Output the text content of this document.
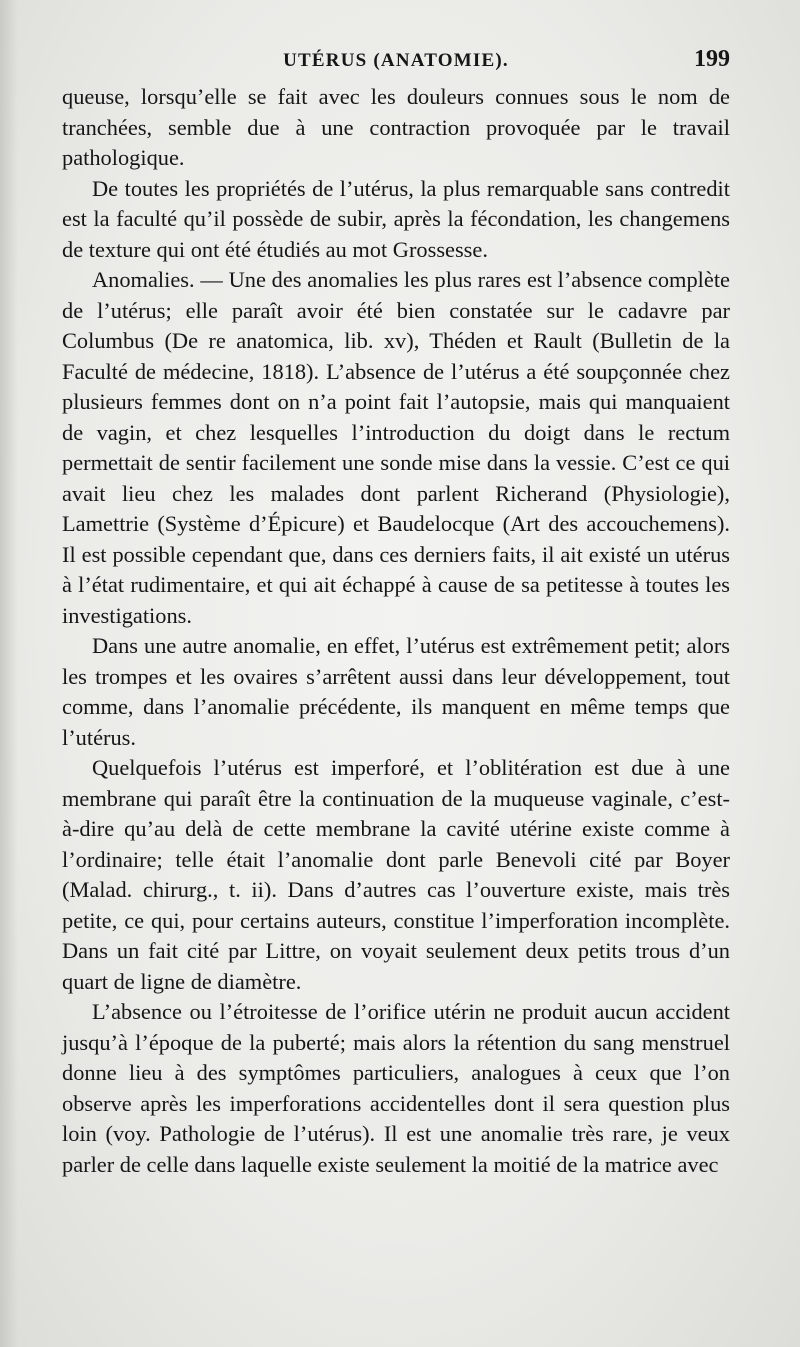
UTÉRUS (ANATOMIE).	199

queuse, lorsqu’elle se fait avec les douleurs connues sous le nom de tranchées, semble due à une contraction provoquée par le travail pathologique.

De toutes les propriétés de l’utérus, la plus remarquable sans contredit est la faculté qu’il possède de subir, après la fécondation, les changemens de texture qui ont été étudiés au mot Grossesse.

Anomalies. — Une des anomalies les plus rares est l’absence complète de l’utérus; elle paraît avoir été bien constatée sur le cadavre par Columbus (De re anatomica, lib. xv), Théden et Rault (Bulletin de la Faculté de médecine, 1818). L’absence de l’utérus a été soupçonnée chez plusieurs femmes dont on n’a point fait l’autopsie, mais qui manquaient de vagin, et chez lesquelles l’introduction du doigt dans le rectum permettait de sentir facilement une sonde mise dans la vessie. C’est ce qui avait lieu chez les malades dont parlent Richerand (Physiologie), Lamettrie (Système d’Épicure) et Baudelocque (Art des accouchemens). Il est possible cependant que, dans ces derniers faits, il ait existé un utérus à l’état rudimentaire, et qui ait échappé à cause de sa petitesse à toutes les investigations.

Dans une autre anomalie, en effet, l’utérus est extrêmement petit; alors les trompes et les ovaires s’arrêtent aussi dans leur développement, tout comme, dans l’anomalie précédente, ils manquent en même temps que l’utérus.

Quelquefois l’utérus est imperforé, et l’oblitération est due à une membrane qui paraît être la continuation de la muqueuse vaginale, c’est-à-dire qu’au delà de cette membrane la cavité utérine existe comme à l’ordinaire; telle était l’anomalie dont parle Benevoli cité par Boyer (Malad. chirurg., t. ii). Dans d’autres cas l’ouverture existe, mais très petite, ce qui, pour certains auteurs, constitue l’imperforation incomplète. Dans un fait cité par Littre, on voyait seulement deux petits trous d’un quart de ligne de diamètre.

L’absence ou l’étroitesse de l’orifice utérin ne produit aucun accident jusqu’à l’époque de la puberté; mais alors la rétention du sang menstruel donne lieu à des symptômes particuliers, analogues à ceux que l’on observe après les imperforations accidentelles dont il sera question plus loin (voy. Pathologie de l’utérus). Il est une anomalie très rare, je veux parler de celle dans laquelle existe seulement la moitié de la matrice avec
